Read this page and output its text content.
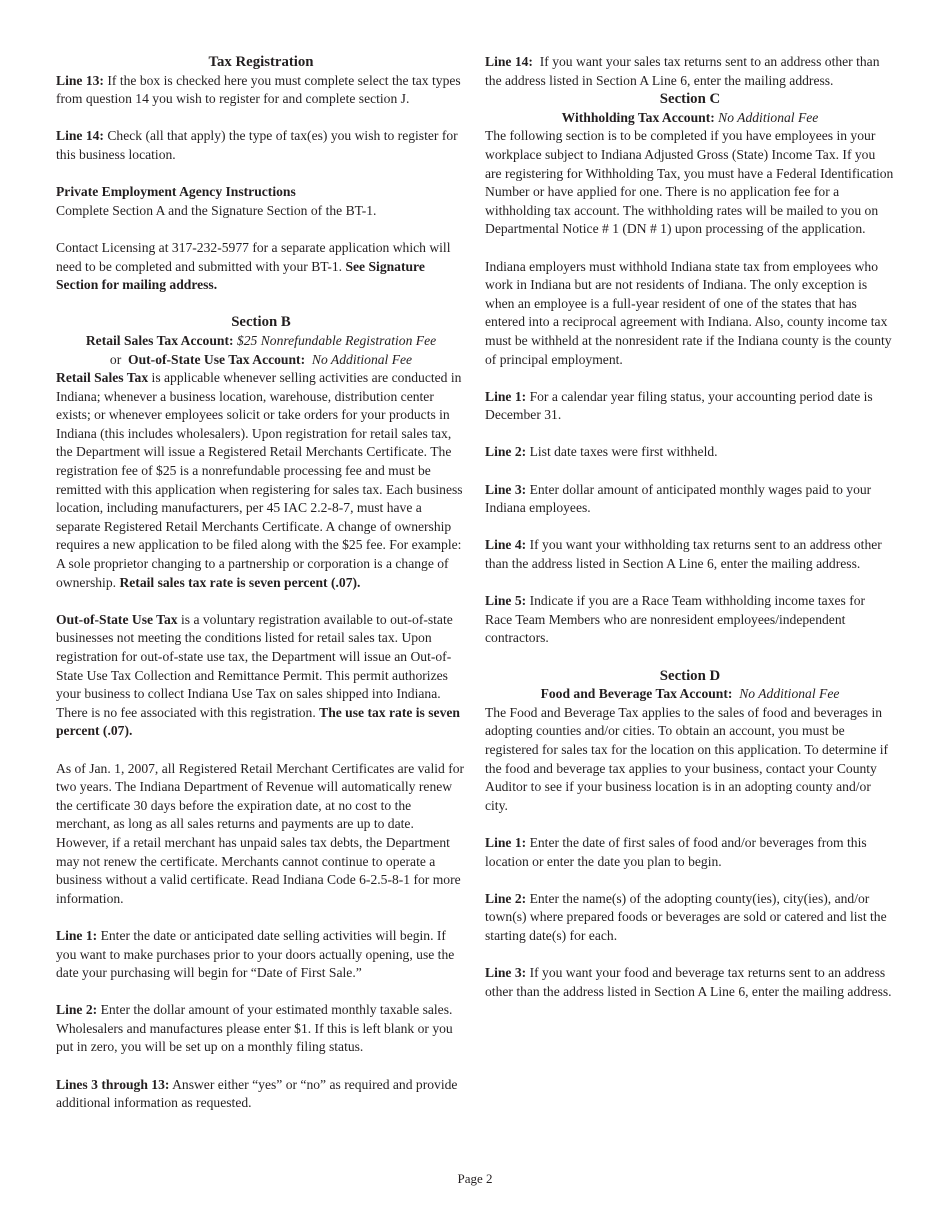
Tax Registration

Line 13: If the box is checked here you must complete select the tax types from question 14 you wish to register for and complete section J.

Line 14: Check (all that apply) the type of tax(es) you wish to register for this business location.

Private Employment Agency Instructions

Complete Section A and the Signature Section of the BT-1.

Contact Licensing at 317-232-5977 for a separate application which will need to be completed and submitted with your BT-1. See Signature Section for mailing address.

Section B
Retail Sales Tax Account: $25 Nonrefundable Registration Fee
or  Out-of-State Use Tax Account:  No Additional Fee

Retail Sales Tax is applicable whenever selling activities are conducted in Indiana; whenever a business location, warehouse, distribution center exists; or whenever employees solicit or take orders for your products in Indiana (this includes wholesalers). Upon registration for retail sales tax, the Department will issue a Registered Retail Merchants Certificate. The registration fee of $25 is a nonrefundable processing fee and must be remitted with this application when registering for sales tax. Each business location, including manufacturers, per 45 IAC 2.2-8-7, must have a separate Registered Retail Merchants Certificate. A change of ownership requires a new application to be filed along with the $25 fee. For example: A sole proprietor changing to a partnership or corporation is a change of ownership. Retail sales tax rate is seven percent (.07).

Out-of-State Use Tax is a voluntary registration available to out-of-state businesses not meeting the conditions listed for retail sales tax. Upon registration for out-of-state use tax, the Department will issue an Out-of-State Use Tax Collection and Remittance Permit. This permit authorizes your business to collect Indiana Use Tax on sales shipped into Indiana. There is no fee associated with this registration. The use tax rate is seven percent (.07).

As of Jan. 1, 2007, all Registered Retail Merchant Certificates are valid for two years. The Indiana Department of Revenue will automatically renew the certificate 30 days before the expiration date, at no cost to the merchant, as long as all sales returns and payments are up to date. However, if a retail merchant has unpaid sales tax debts, the Department may not renew the certificate. Merchants cannot continue to operate a business without a valid certificate. Read Indiana Code 6-2.5-8-1 for more information.

Line 1: Enter the date or anticipated date selling activities will begin. If you want to make purchases prior to your doors actually opening, use the date your purchasing will begin for “Date of First Sale.”

Line 2: Enter the dollar amount of your estimated monthly taxable sales. Wholesalers and manufactures please enter $1. If this is left blank or you put in zero, you will be set up on a monthly filing status.

Lines 3 through 13: Answer either “yes” or “no” as required and provide additional information as requested.

Line 14:  If you want your sales tax returns sent to an address other than the address listed in Section A Line 6, enter the mailing address.

Section C
Withholding Tax Account: No Additional Fee

The following section is to be completed if you have employees in your workplace subject to Indiana Adjusted Gross (State) Income Tax. If you are registering for Withholding Tax, you must have a Federal Identification Number or have applied for one. There is no application fee for a withholding tax account. The withholding rates will be mailed to you on Departmental Notice # 1 (DN # 1) upon processing of the application.

Indiana employers must withhold Indiana state tax from employees who work in Indiana but are not residents of Indiana. The only exception is when an employee is a full-year resident of one of the states that has entered into a reciprocal agreement with Indiana. Also, county income tax must be withheld at the nonresident rate if the Indiana county is the county of principal employment.

Line 1: For a calendar year filing status, your accounting period date is December 31.

Line 2: List date taxes were first withheld.

Line 3: Enter dollar amount of anticipated monthly wages paid to your Indiana employees.

Line 4: If you want your withholding tax returns sent to an address other than the address listed in Section A Line 6, enter the mailing address.

Line 5: Indicate if you are a Race Team withholding income taxes for Race Team Members who are nonresident employees/independent contractors.

Section D
Food and Beverage Tax Account:  No Additional Fee

The Food and Beverage Tax applies to the sales of food and beverages in adopting counties and/or cities. To obtain an account, you must be registered for sales tax for the location on this application. To determine if the food and beverage tax applies to your business, contact your County Auditor to see if your business location is in an adopting county and/or city.

Line 1: Enter the date of first sales of food and/or beverages from this location or enter the date you plan to begin.

Line 2: Enter the name(s) of the adopting county(ies), city(ies), and/or town(s) where prepared foods or beverages are sold or catered and list the starting date(s) for each.

Line 3: If you want your food and beverage tax returns sent to an address other than the address listed in Section A Line 6, enter the mailing address.

Page 2
